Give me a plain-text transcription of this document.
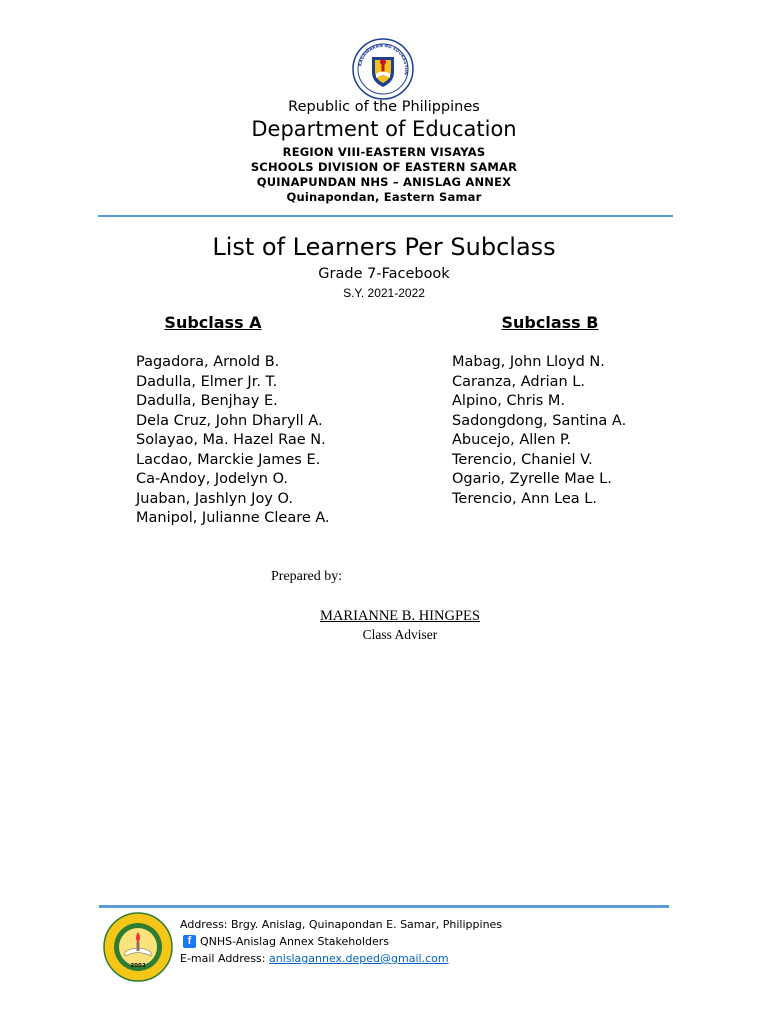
KAGAWARAN NG EDUKASYON
Republic of the Philippines
Department of Education
REGION VIII-EASTERN VISAYAS
SCHOOLS DIVISION OF EASTERN SAMAR
QUINAPUNDAN NHS – ANISLAG ANNEX
Quinapondan, Eastern Samar
List of Learners Per Subclass
Grade 7-Facebook
S.Y. 2021-2022
Subclass A	Subclass B
Pagadora, Arnold B.
Dadulla, Elmer Jr. T.
Dadulla, Benjhay E.
Dela Cruz, John Dharyll A.
Solayao, Ma. Hazel Rae N.
Lacdao, Marckie James E.
Ca-Andoy, Jodelyn O.
Juaban, Jashlyn Joy O.
Manipol, Julianne Cleare A.
Mabag, John Lloyd N.
Caranza, Adrian L.
Alpino, Chris M.
Sadongdong, Santina A.
Abucejo, Allen P.
Terencio, Chaniel V.
Ogario, Zyrelle Mae L.
Terencio, Ann Lea L.
Prepared by:
MARIANNE B. HINGPES
Class Adviser
2002
Address: Brgy. Anislag, Quinapondan E. Samar, Philippines
f QNHS-Anislag Annex Stakeholders
E-mail Address: anislagannex.deped@gmail.com
